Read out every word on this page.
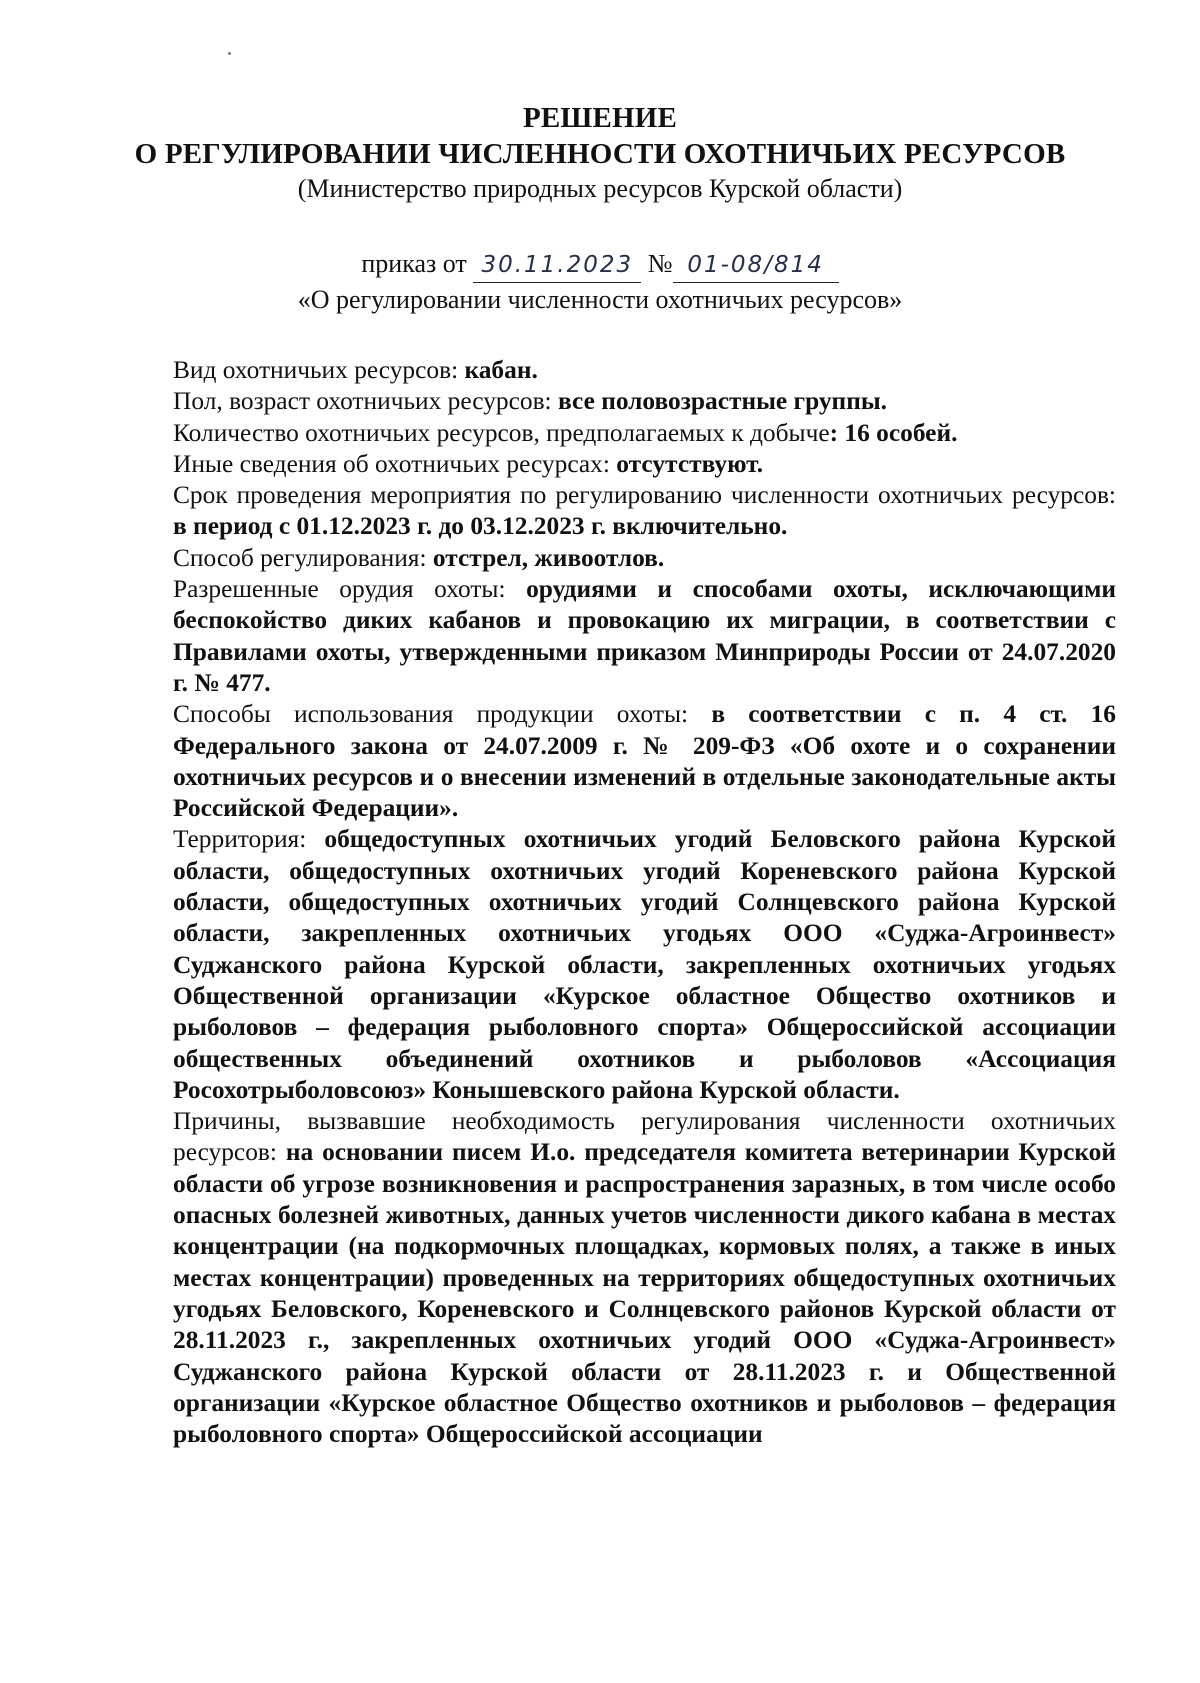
РЕШЕНИЕ

О РЕГУЛИРОВАНИИ ЧИСЛЕННОСТИ ОХОТНИЧЬИХ РЕСУРСОВ

(Министерство природных ресурсов Курской области)

приказ от 30.11.2023 № 01-08/814
«О регулировании численности охотничьих ресурсов»

Вид охотничьих ресурсов: кабан.

Пол, возраст охотничьих ресурсов: все половозрастные группы.

Количество охотничьих ресурсов, предполагаемых к добыче: 16 особей.

Иные сведения об охотничьих ресурсах: отсутствуют.

Срок проведения мероприятия по регулированию численности охотничьих ресурсов: в период с 01.12.2023 г. до 03.12.2023 г. включительно.

Способ регулирования: отстрел, живоотлов.

Разрешенные орудия охоты: орудиями и способами охоты, исключающими беспокойство диких кабанов и провокацию их миграции, в соответствии с Правилами охоты, утвержденными приказом Минприроды России от 24.07.2020 г. № 477.

Способы использования продукции охоты: в соответствии с п. 4 ст. 16 Федерального закона от 24.07.2009 г. № 209-ФЗ «Об охоте и о сохранении охотничьих ресурсов и о внесении изменений в отдельные законодательные акты Российской Федерации».

Территория: общедоступных охотничьих угодий Беловского района Курской области, общедоступных охотничьих угодий Кореневского района Курской области, общедоступных охотничьих угодий Солнцевского района Курской области, закрепленных охотничьих угодьях ООО «Суджа-Агроинвест» Суджанского района Курской области, закрепленных охотничьих угодьях Общественной организации «Курское областное Общество охотников и рыболовов – федерация рыболовного спорта» Общероссийской ассоциации общественных объединений охотников и рыболовов «Ассоциация Росохотрыболовсоюз» Конышевского района Курской области.

Причины, вызвавшие необходимость регулирования численности охотничьих ресурсов: на основании писем И.о. председателя комитета ветеринарии Курской области об угрозе возникновения и распространения заразных, в том числе особо опасных болезней животных, данных учетов численности дикого кабана в местах концентрации (на подкормочных площадках, кормовых полях, а также в иных местах концентрации) проведенных на территориях общедоступных охотничьих угодьях Беловского, Кореневского и Солнцевского районов Курской области от 28.11.2023 г., закрепленных охотничьих угодий ООО «Суджа-Агроинвест» Суджанского района Курской области от 28.11.2023 г. и Общественной организации «Курское областное Общество охотников и рыболовов – федерация рыболовного спорта» Общероссийской ассоциации
